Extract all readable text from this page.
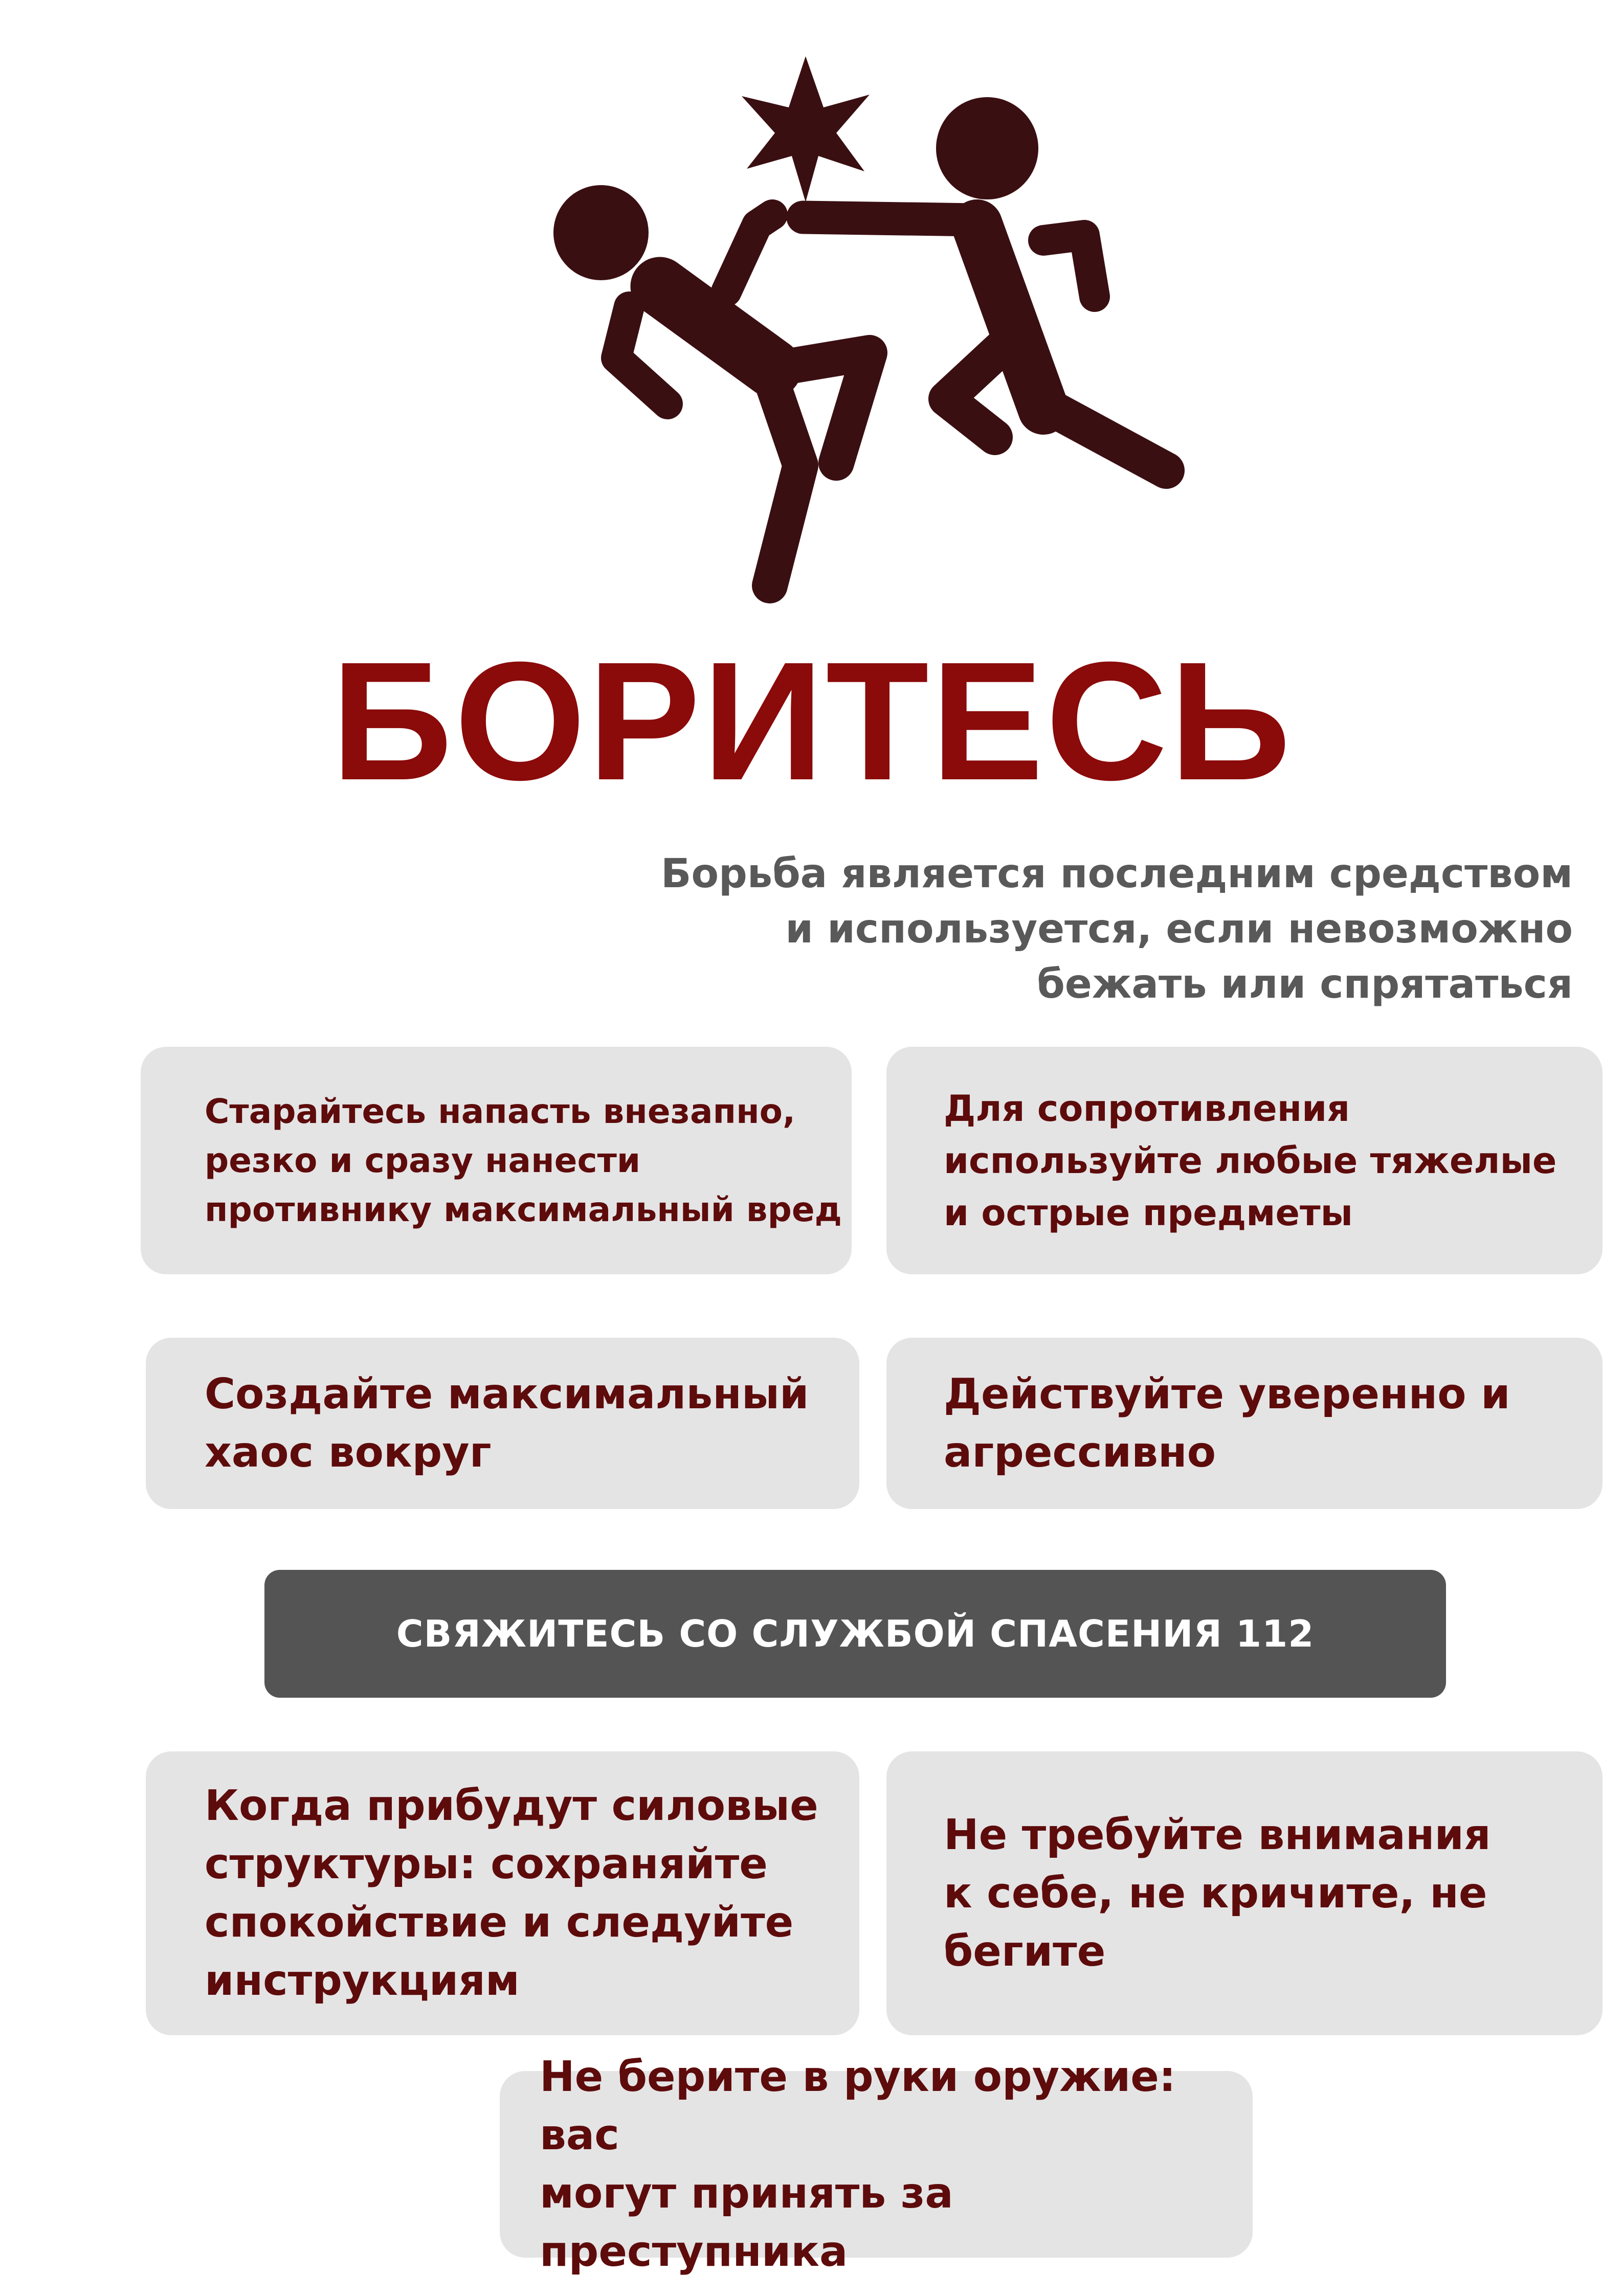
БОРИТЕСЬ
Борьба является последним средством
и используется, если невозможно
бежать или спрятаться
Старайтесь напасть внезапно,
резко и сразу нанести
противнику максимальный вред
Для сопротивления
используйте любые тяжелые
и острые предметы
Создайте максимальный
хаос вокруг
Действуйте уверенно и
агрессивно
СВЯЖИТЕСЬ СО СЛУЖБОЙ СПАСЕНИЯ 112
Когда прибудут силовые
структуры: сохраняйте
спокойствие и следуйте
инструкциям
Не требуйте внимания
к себе, не кричите, не
бегите
Не берите в руки оружие: вас
могут принять за преступника
